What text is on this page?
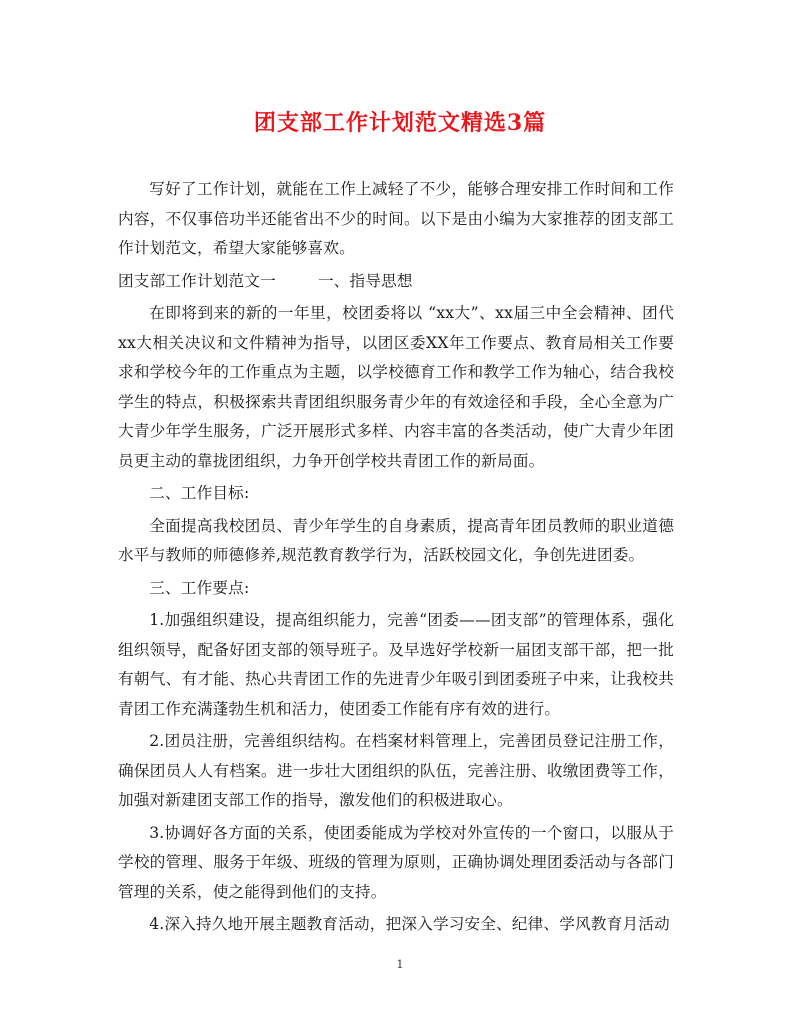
团支部工作计划范文精选3篇

写好了工作计划，就能在工作上减轻了不少，能够合理安排工作时间和工作内容，不仅事倍功半还能省出不少的时间。以下是由小编为大家推荐的团支部工作计划范文，希望大家能够喜欢。

团支部工作计划范文一	一、指导思想

在即将到来的新的一年里，校团委将以 “xx大”、xx届三中全会精神、团代xx大相关决议和文件精神为指导，以团区委XX年工作要点、教育局相关工作要求和学校今年的工作重点为主题，以学校德育工作和教学工作为轴心，结合我校学生的特点，积极探索共青团组织服务青少年的有效途径和手段，全心全意为广大青少年学生服务，广泛开展形式多样、内容丰富的各类活动，使广大青少年团员更主动的靠拢团组织，力争开创学校共青团工作的新局面。

二、工作目标:

全面提高我校团员、青少年学生的自身素质，提高青年团员教师的职业道德水平与教师的师德修养,规范教育教学行为，活跃校园文化，争创先进团委。

三、工作要点:

1.加强组织建设，提高组织能力，完善“团委——团支部”的管理体系，强化组织领导，配备好团支部的领导班子。及早选好学校新一届团支部干部，把一批有朝气、有才能、热心共青团工作的先进青少年吸引到团委班子中来，让我校共青团工作充满蓬勃生机和活力，使团委工作能有序有效的进行。

2.团员注册，完善组织结构。在档案材料管理上，完善团员登记注册工作，确保团员人人有档案。进一步壮大团组织的队伍，完善注册、收缴团费等工作，加强对新建团支部工作的指导，激发他们的积极进取心。

3.协调好各方面的关系，使团委能成为学校对外宣传的一个窗口，以服从于学校的管理、服务于年级、班级的管理为原则，正确协调处理团委活动与各部门管理的关系，使之能得到他们的支持。

4.深入持久地开展主题教育活动，把深入学习安全、纪律、学风教育月活动

1
